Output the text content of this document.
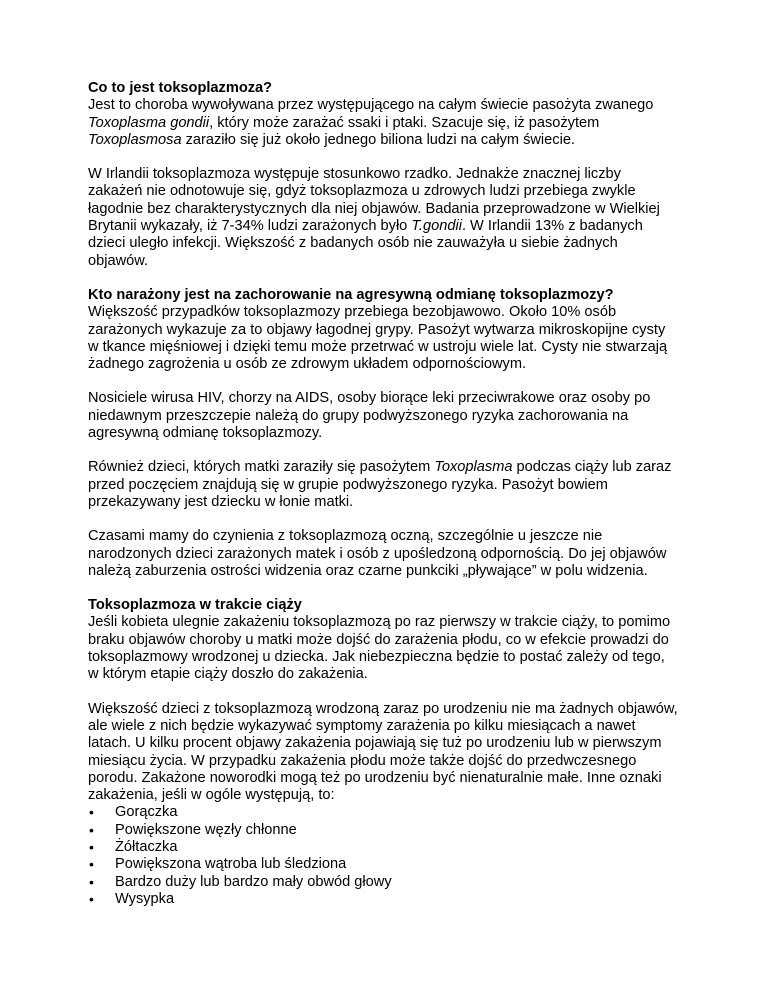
Co to jest toksoplazmoza?

Jest to choroba wywoływana przez występującego na całym świecie pasożyta zwanego Toxoplasma gondii, który może zarażać ssaki i ptaki. Szacuje się, iż pasożytem Toxoplasmosa zaraziło się już około jednego biliona ludzi na całym świecie.

W Irlandii toksoplazmoza występuje stosunkowo rzadko. Jednakże znacznej liczby zakażeń nie odnotowuje się, gdyż toksoplazmoza u zdrowych ludzi przebiega zwykle łagodnie bez charakterystycznych dla niej objawów. Badania przeprowadzone w Wielkiej Brytanii wykazały, iż 7-34% ludzi zarażonych było T.gondii. W Irlandii 13% z badanych dzieci uległo infekcji. Większość z badanych osób nie zauważyła u siebie żadnych objawów.

Kto narażony jest na zachorowanie na agresywną odmianę toksoplazmozy?

Większość przypadków toksoplazmozy przebiega bezobjawowo. Około 10% osób zarażonych wykazuje za to objawy łagodnej grypy. Pasożyt wytwarza mikroskopijne cysty w tkance mięśniowej i dzięki temu może przetrwać w ustroju wiele lat. Cysty nie stwarzają żadnego zagrożenia u osób ze zdrowym układem odpornościowym.

Nosiciele wirusa HIV, chorzy na AIDS, osoby biorące leki przeciwrakowe oraz osoby po niedawnym przeszczepie należą do grupy podwyższonego ryzyka zachorowania na agresywną odmianę toksoplazmozy.

Również dzieci, których matki zaraziły się pasożytem Toxoplasma podczas ciąży lub zaraz przed poczęciem znajdują się w grupie podwyższonego ryzyka. Pasożyt bowiem przekazywany jest dziecku w łonie matki.

Czasami mamy do czynienia z toksoplazmozą oczną, szczególnie u jeszcze nie narodzonych dzieci zarażonych matek i osób z upośledzoną odpornością. Do jej objawów należą zaburzenia ostrości widzenia oraz czarne punkciki „pływające” w polu widzenia.

Toksoplazmoza w trakcie ciąży

Jeśli kobieta ulegnie zakażeniu toksoplazmozą po raz pierwszy w trakcie ciąży, to pomimo braku objawów choroby u matki może dojść do zarażenia płodu, co w efekcie prowadzi do toksoplazmowy wrodzonej u dziecka. Jak niebezpieczna będzie to postać zależy od tego, w którym etapie ciąży doszło do zakażenia.

Większość dzieci z toksoplazmozą wrodzoną zaraz po urodzeniu nie ma żadnych objawów, ale wiele z nich będzie wykazywać symptomy zarażenia po kilku miesiącach a nawet latach. U kilku procent objawy zakażenia pojawiają się tuż po urodzeniu lub w pierwszym miesiącu życia. W przypadku zakażenia płodu może także dojść do przedwczesnego porodu. Zakażone noworodki mogą też po urodzeniu być nienaturalnie małe. Inne oznaki zakażenia, jeśli w ogóle występują, to:

• Gorączka
• Powiększone węzły chłonne
• Żółtaczka
• Powiększona wątroba lub śledziona
• Bardzo duży lub bardzo mały obwód głowy
• Wysypka
